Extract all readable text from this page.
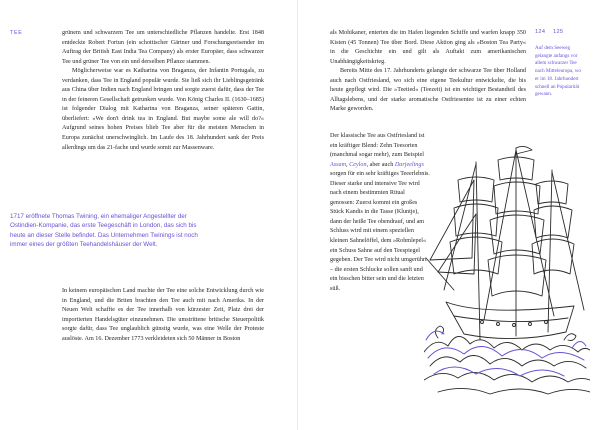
TEE	124 125

grünem und schwarzem Tee um unterschiedliche Pflanzen handelte. Erst 1848 entdeckte Robert Fortun (ein schottischer Gärtner und Forschungsreisender im Auftrag der British East India Tea Company) als erster Europäer, dass schwarzer Tee und grüner Tee von ein und derselben Pflanze stammen.

Möglicherweise war es Katharina von Braganza, der Infantin Portugals, zu verdanken, dass Tee in England populär wurde. Sie ließ sich ihr Lieblingsgetränk aus China über Indien nach England bringen und sorgte zuerst dafür, dass der Tee in der feineren Gesellschaft getrunken wurde. Von König Charles II. (1630–1685) ist folgender Dialog mit Katharina von Braganza, seiner späteren Gattin, überliefert: »We don't drink tea in England. But maybe some ale will do?« Aufgrund seines hohen Preises blieb Tee aber für die meisten Menschen in Europa zunächst unerschwinglich. Im Laufe des 18. Jahrhundert sank der Preis allerdings um das 21-fache und wurde somit zur Massenware.

1717 eröffnete Thomas Twining, ein ehemaliger Angestellter der Ostindien-Kompanie, das erste Teegeschäft in London, das sich bis heute an dieser Stelle befindet. Das Unternehmen Twinings ist noch immer eines der größten Teehandelshäuser der Welt.

In keinem europäischen Land machte der Tee eine solche Entwicklung durch wie in England, und die Briten brachten den Tee auch mit nach Amerika. In der Neuen Welt schaffte es der Tee innerhalb von kürzester Zeit, Platz drei der importierten Handelsgüter einzunehmen. Die umstrittene britische Steuerpolitik sorgte dafür, dass Tee unglaublich günstig wurde, was eine Welle der Proteste auslöste. Am 16. Dezember 1773 verkleideten sich 50 Männer in Boston

als Mohikaner, enterten die im Hafen liegenden Schiffe und warfen knapp 350 Kisten (45 Tonnen) Tee über Bord. Diese Aktion ging als »Boston Tea Party« in die Geschichte ein und gilt als Auftakt zum amerikanischen Unabhängigkeitskrieg.

Bereits Mitte des 17. Jahrhunderts gelangte der schwarze Tee über Holland auch nach Ostfriesland, wo sich eine eigene Teekultur entwickelte, die bis heute gepflegt wird. Die »Teetied« (Teezeit) ist ein wichtiger Bestandteil des Alltagslebens, und der starke aromatische Ostfriesentee ist zu einer echten Marke geworden.

Der klassische Tee aus Ostfriesland ist ein kräftiger Blend: Zehn Teesorten (manchmal sogar mehr), zum Beispiel Assam, Ceylon, aber auch Darjeelings sorgen für ein sehr kräftiges Teeerlebnis. Dieser starke und intensive Tee wird nach einem bestimmten Ritual genossen: Zuerst kommt ein großes Stück Kandis in die Tasse (Kluntje), dann der heiße Tee obendrauf, und am Schluss wird mit einem speziellen kleinen Sahnelöffel, dem »Rohmlepel« ein Schuss Sahne auf den Teespiegel gegeben. Der Tee wird nicht umgerührt – die ersten Schlucke sollen sanft und ein bisschen bitter sein und die letzten süß.

Auf dem Seeweg gelangte anfangs vor allem schwarzer Tee nach Mitteleuropa, wo er im 18. Jahrhundert schnell an Popularität gewann.
